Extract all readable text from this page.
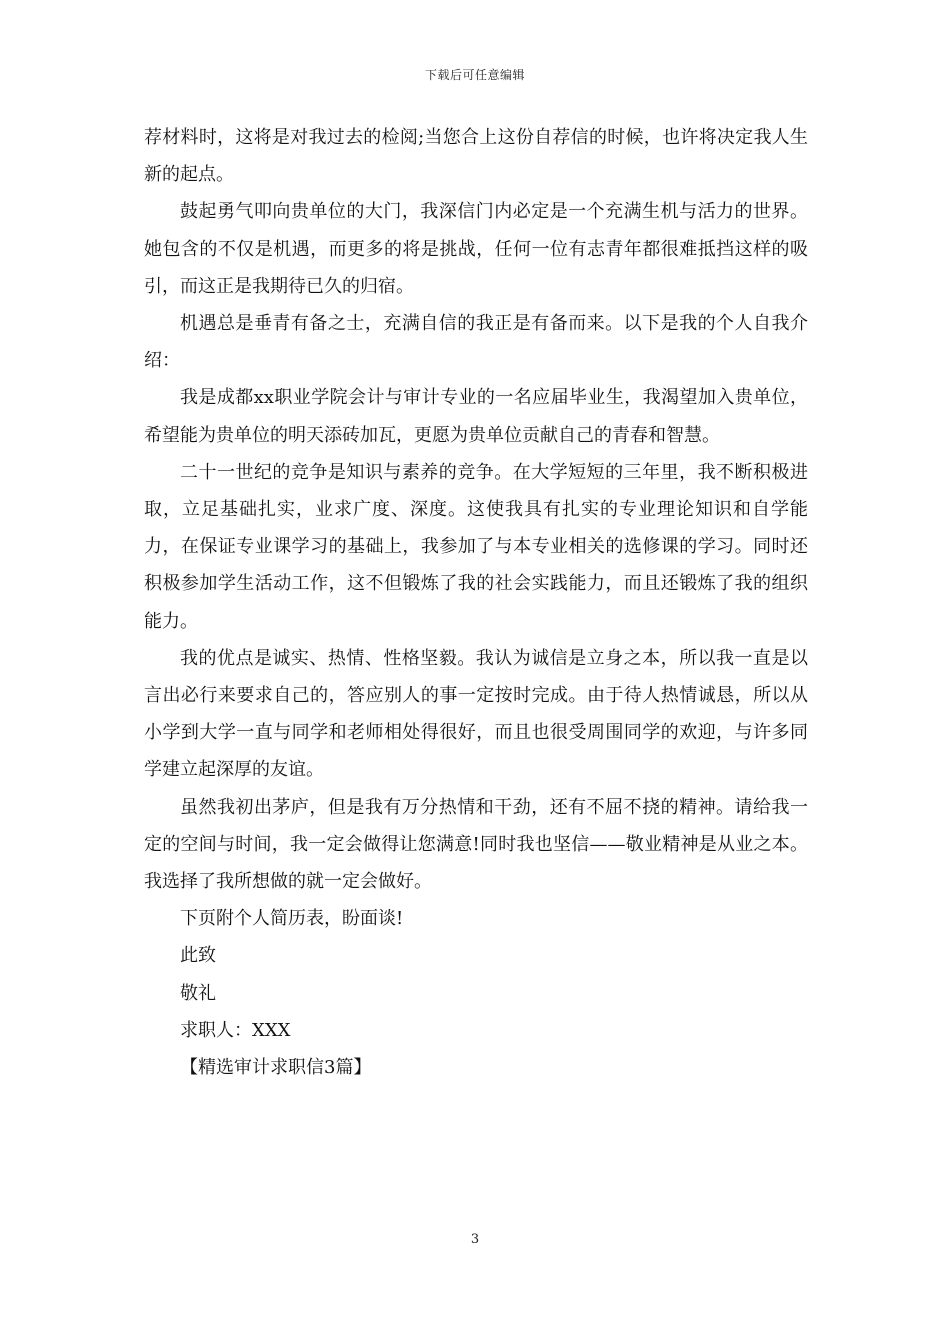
下载后可任意编辑

荐材料时，这将是对我过去的检阅;当您合上这份自荐信的时候，也许将决定我人生新的起点。

鼓起勇气叩向贵单位的大门，我深信门内必定是一个充满生机与活力的世界。她包含的不仅是机遇，而更多的将是挑战，任何一位有志青年都很难抵挡这样的吸引，而这正是我期待已久的归宿。

机遇总是垂青有备之士，充满自信的我正是有备而来。以下是我的个人自我介绍：

我是成都xx职业学院会计与审计专业的一名应届毕业生，我渴望加入贵单位，希望能为贵单位的明天添砖加瓦，更愿为贵单位贡献自己的青春和智慧。

二十一世纪的竞争是知识与素养的竞争。在大学短短的三年里，我不断积极进取，立足基础扎实，业求广度、深度。这使我具有扎实的专业理论知识和自学能力，在保证专业课学习的基础上，我参加了与本专业相关的选修课的学习。同时还积极参加学生活动工作，这不但锻炼了我的社会实践能力，而且还锻炼了我的组织能力。

我的优点是诚实、热情、性格坚毅。我认为诚信是立身之本，所以我一直是以言出必行来要求自己的，答应别人的事一定按时完成。由于待人热情诚恳，所以从小学到大学一直与同学和老师相处得很好，而且也很受周围同学的欢迎，与许多同学建立起深厚的友谊。

虽然我初出茅庐，但是我有万分热情和干劲，还有不屈不挠的精神。请给我一定的空间与时间，我一定会做得让您满意!同时我也坚信——敬业精神是从业之本。我选择了我所想做的就一定会做好。

下页附个人简历表，盼面谈!

此致

敬礼

求职人：XXX

【精选审计求职信3篇】

3
